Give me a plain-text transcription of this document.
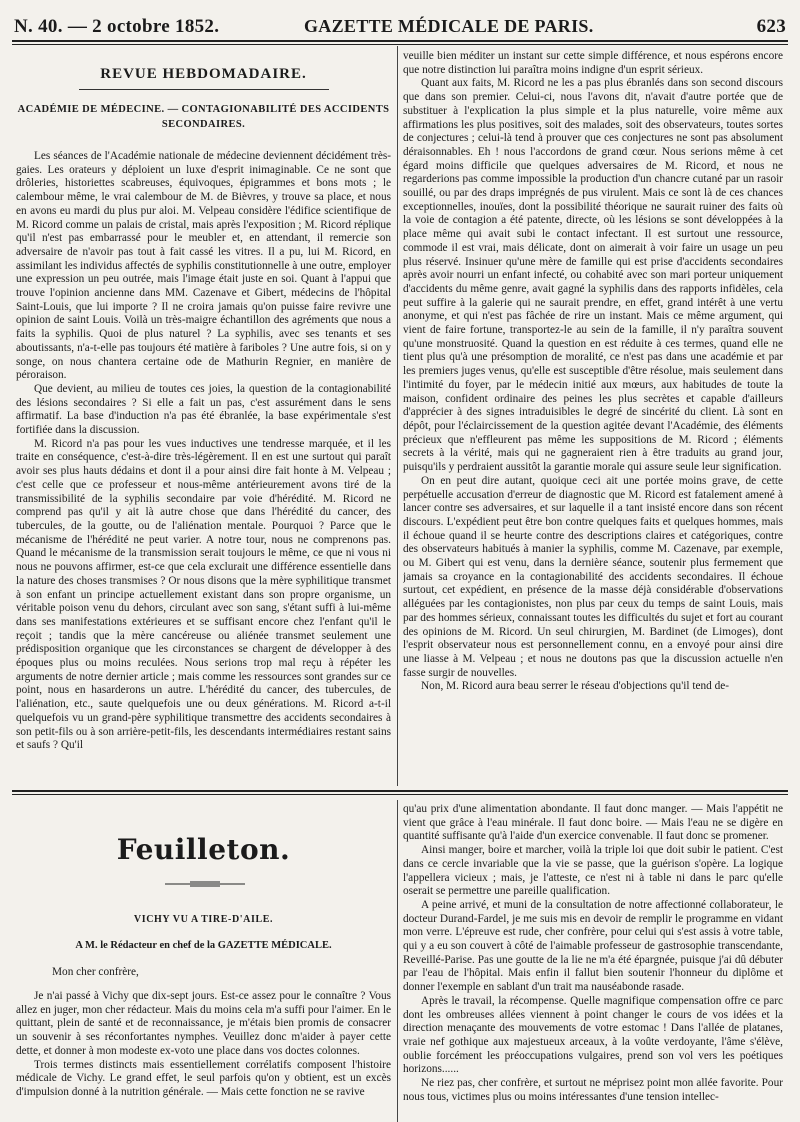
N. 40. — 2 octobre 1852.	GAZETTE MÉDICALE DE PARIS.	623
REVUE HEBDOMADAIRE.
ACADÉMIE DE MÉDECINE. — CONTAGIONABILITÉ DES ACCIDENTS SECONDAIRES.

Les séances de l'Académie nationale de médecine deviennent décidément très-gaies. Les orateurs y déploient un luxe d'esprit inimaginable. Ce ne sont que drôleries, historiettes scabreuses, équivoques, épigrammes et bons mots ; le calembour même, le vrai calembour de M. de Bièvres, y trouve sa place, et nous en avons eu mardi du plus pur aloi. M. Velpeau considère l'édifice scientifique de M. Ricord comme un palais de cristal, mais après l'exposition ; M. Ricord réplique qu'il n'est pas embarrassé pour le meubler et, en attendant, il remercie son adversaire de n'avoir pas tout à fait cassé les vitres. Il a pu, lui M. Ricord, en assimilant les individus affectés de syphilis constitutionnelle à une outre, employer une expression un peu outrée, mais l'image était juste en soi. Quant à l'appui que trouve l'opinion ancienne dans MM. Cazenave et Gibert, médecins de l'hôpital Saint-Louis, que lui importe ? Il ne croira jamais qu'on puisse faire revivre une opinion de saint Louis. Voilà un très-maigre échantillon des agréments que nous a faits la syphilis. Quoi de plus naturel ? La syphilis, avec ses tenants et ses aboutissants, n'a-t-elle pas toujours été matière à fariboles ? Une autre fois, si on y songe, on nous chantera certaine ode de Mathurin Regnier, en manière de péroraison.

Que devient, au milieu de toutes ces joies, la question de la contagionabilité des lésions secondaires ? Si elle a fait un pas, c'est assurément dans le sens affirmatif. La base d'induction n'a pas été ébranlée, la base expérimentale s'est fortifiée dans la discussion.

M. Ricord n'a pas pour les vues inductives une tendresse marquée, et il les traite en conséquence, c'est-à-dire très-légèrement. Il en est une surtout qui paraît avoir ses plus hauts dédains et dont il a pour ainsi dire fait honte à M. Velpeau ; c'est celle que ce professeur et nous-même antérieurement avons tiré de la transmissibilité de la syphilis secondaire par voie d'hérédité. M. Ricord ne comprend pas qu'il y ait là autre chose que dans l'hérédité du cancer, des tubercules, de la goutte, ou de l'aliénation mentale. Pourquoi ? Parce que le mécanisme de l'hérédité ne peut varier. A notre tour, nous ne comprenons pas. Quand le mécanisme de la transmission serait toujours le même, ce que ni vous ni nous ne pouvons affirmer, est-ce que cela exclurait une différence essentielle dans la nature des choses transmises ? Or nous disons que la mère syphilitique transmet à son enfant un principe actuellement existant dans son propre organisme, un véritable poison venu du dehors, circulant avec son sang, s'étant suffi à lui-même dans ses manifestations extérieures et se suffisant encore chez l'enfant qu'il le reçoit ; tandis que la mère cancéreuse ou aliénée transmet seulement une prédisposition organique que les circonstances se chargent de développer à des époques plus ou moins reculées. Nous serions trop mal reçu à répéter les arguments de notre dernier article ; mais comme les ressources sont grandes sur ce point, nous en hasarderons un autre. L'hérédité du cancer, des tubercules, de l'aliénation, etc., saute quelquefois une ou deux générations. M. Ricord a-t-il quelquefois vu un grand-père syphilitique transmettre des accidents secondaires à son petit-fils ou à son arrière-petit-fils, les descendants intermédiaires restant sains et saufs ? Qu'il

veuille bien méditer un instant sur cette simple différence, et nous espérons encore que notre distinction lui paraîtra moins indigne d'un esprit sérieux.

Quant aux faits, M. Ricord ne les a pas plus ébranlés dans son second discours que dans son premier. Celui-ci, nous l'avons dit, n'avait d'autre portée que de substituer à l'explication la plus simple et la plus naturelle, voire même aux affirmations les plus positives, soit des malades, soit des observateurs, toutes sortes de conjectures ; celui-là tend à prouver que ces conjectures ne sont pas absolument déraisonnables. Eh ! nous l'accordons de grand cœur. Nous serions même à cet égard moins difficile que quelques adversaires de M. Ricord, et nous ne regarderions pas comme impossible la production d'un chancre cutané par un rasoir souillé, ou par des draps imprégnés de pus virulent. Mais ce sont là de ces chances exceptionnelles, inouïes, dont la possibilité théorique ne saurait ruiner des faits où la voie de contagion a été patente, directe, où les lésions se sont développées à la place même qui avait subi le contact infectant. Il est surtout une ressource, commode il est vrai, mais délicate, dont on aimerait à voir faire un usage un peu plus réservé. Insinuer qu'une mère de famille qui est prise d'accidents secondaires après avoir nourri un enfant infecté, ou cohabité avec son mari porteur uniquement d'accidents du même genre, avait gagné la syphilis dans des rapports infidèles, cela peut suffire à la galerie qui ne saurait prendre, en effet, grand intérêt à une vertu anonyme, et qui n'est pas fâchée de rire un instant. Mais ce même argument, qui vient de faire fortune, transportez-le au sein de la famille, il n'y paraîtra souvent qu'une monstruosité. Quand la question en est réduite à ces termes, quand elle ne tient plus qu'à une présomption de moralité, ce n'est pas dans une académie et par les premiers juges venus, qu'elle est susceptible d'être résolue, mais seulement dans l'intimité du foyer, par le médecin initié aux mœurs, aux habitudes de toute la maison, confident ordinaire des peines les plus secrètes et capable d'ailleurs d'apprécier à des signes intraduisibles le degré de sincérité du client. Là sont en dépôt, pour l'éclaircissement de la question agitée devant l'Académie, des éléments précieux que n'effleurent pas même les suppositions de M. Ricord ; éléments secrets à la vérité, mais qui ne gagneraient rien à être traduits au grand jour, puisqu'ils y perdraient aussitôt la garantie morale qui assure seule leur signification.

On en peut dire autant, quoique ceci ait une portée moins grave, de cette perpétuelle accusation d'erreur de diagnostic que M. Ricord est fatalement amené à lancer contre ses adversaires, et sur laquelle il a tant insisté encore dans son récent discours. L'expédient peut être bon contre quelques faits et quelques hommes, mais il échoue quand il se heurte contre des descriptions claires et catégoriques, contre des observateurs habitués à manier la syphilis, comme M. Cazenave, par exemple, ou M. Gibert qui est venu, dans la dernière séance, soutenir plus fermement que jamais sa croyance en la contagionabilité des accidents secondaires. Il échoue surtout, cet expédient, en présence de la masse déjà considérable d'observations alléguées par les contagionistes, non plus par ceux du temps de saint Louis, mais par des hommes sérieux, connaissant toutes les difficultés du sujet et fort au courant des opinions de M. Ricord. Un seul chirurgien, M. Bardinet (de Limoges), dont l'esprit observateur nous est personnellement connu, en a envoyé pour ainsi dire une liasse à M. Velpeau ; et nous ne doutons pas que la discussion actuelle n'en fasse surgir de nouvelles.

Non, M. Ricord aura beau serrer le réseau d'objections qu'il tend de-

Feuilleton.
VICHY VU A TIRE-D'AILE.
A M. le Rédacteur en chef de la GAZETTE MÉDICALE.
Mon cher confrère,

Je n'ai passé à Vichy que dix-sept jours. Est-ce assez pour le connaître ? Vous allez en juger, mon cher rédacteur. Mais du moins cela m'a suffi pour l'aimer. En le quittant, plein de santé et de reconnaissance, je m'étais bien promis de consacrer un souvenir à ses réconfortantes nymphes. Veuillez donc m'aider à payer cette dette, et donner à mon modeste ex-voto une place dans vos doctes colonnes.

Trois termes distincts mais essentiellement corrélatifs composent l'histoire médicale de Vichy. Le grand effet, le seul parfois qu'on y obtient, est un excès d'impulsion donné à la nutrition générale. — Mais cette fonction ne se ravive

qu'au prix d'une alimentation abondante. Il faut donc manger. — Mais l'appétit ne vient que grâce à l'eau minérale. Il faut donc boire. — Mais l'eau ne se digère en quantité suffisante qu'à l'aide d'un exercice convenable. Il faut donc se promener.

Ainsi manger, boire et marcher, voilà la triple loi que doit subir le patient. C'est dans ce cercle invariable que la vie se passe, que la guérison s'opère. La logique l'appellera vicieux ; mais, je l'atteste, ce n'est ni à table ni dans le parc qu'elle oserait se permettre une pareille qualification.

A peine arrivé, et muni de la consultation de notre affectionné collaborateur, le docteur Durand-Fardel, je me suis mis en devoir de remplir le programme en vidant mon verre. L'épreuve est rude, cher confrère, pour celui qui s'est assis à votre table, qui y a eu son couvert à côté de l'aimable professeur de gastrosophie transcendante, Reveillé-Parise. Pas une goutte de la lie ne m'a été épargnée, puisque j'ai dû débuter par l'eau de l'hôpital. Mais enfin il fallut bien soutenir l'honneur du diplôme et donner l'exemple en sablant d'un trait ma nauséabonde rasade.

Après le travail, la récompense. Quelle magnifique compensation offre ce parc dont les ombreuses allées viennent à point changer le cours de vos idées et la direction menaçante des mouvements de votre estomac ! Dans l'allée de platanes, vraie nef gothique aux majestueux arceaux, à la voûte verdoyante, l'âme s'élève, oublie forcément les préoccupations vulgaires, prend son vol vers les poétiques horizons......

Ne riez pas, cher confrère, et surtout ne méprisez point mon allée favorite. Pour nous tous, victimes plus ou moins intéressantes d'une tension intellec-
